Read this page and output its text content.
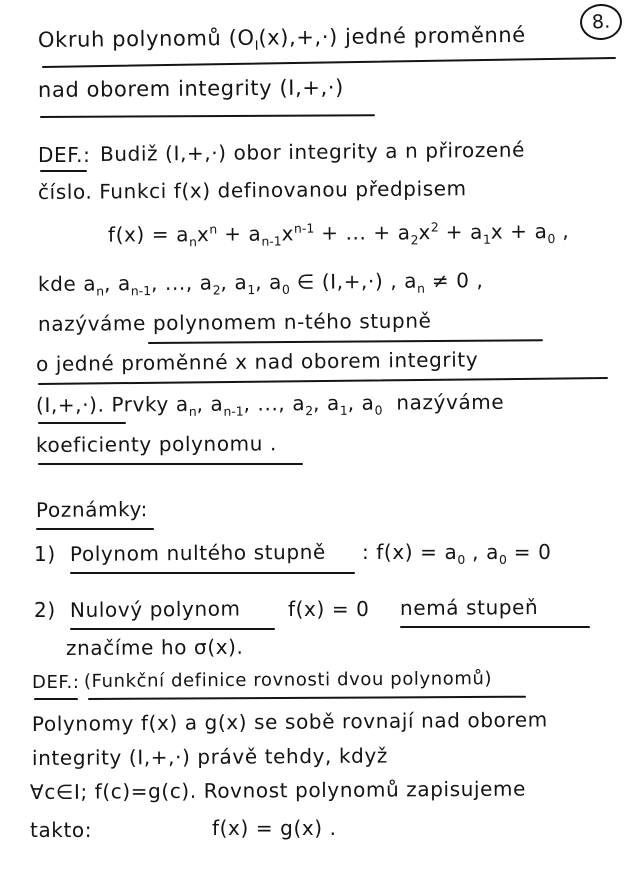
8.
Okruh polynomů $(O_I(x),+,\cdot)$ jedné proměnné
nad oborem integrity (I,+,·)
DEF.: Budiž (I,+,·) obor integrity a n přirozené
číslo. Funkci f(x) definovanou předpisem
$f(x) = a_nx^n + a_{n-1}x^{n-1}$ + ... + $a_2x^2 + a_1x + a_0$ ,
kde $a_n$, $a_{n-1}$, ..., $a_2$, $a_1$, $a_0$ ∈ (I,+,·) , $a_n \ne 0$ ,
nazýváme polynomem n-tého stupně
o jedné proměnné x nad oborem integrity
(I,+,·). Prvky $a_n$, $a_{n-1}$, ..., $a_2$, $a_1$, $a_0$  nazýváme
koeficienty polynomu .
Poznámky:
1) Polynom nultého stupně : $f(x) = a_0$ , $a_0 = 0$
2) Nulový polynom f(x) = 0 nemá stupeň
značíme ho σ(x).
DEF.: (Funkční definice rovnosti dvou polynomů)
Polynomy f(x) a g(x) se sobě rovnají nad oborem
integrity (I,+,·) právě tehdy, když
∀c∈I; f(c)=g(c). Rovnost polynomů zapisujeme
takto:	f(x) = g(x) .
